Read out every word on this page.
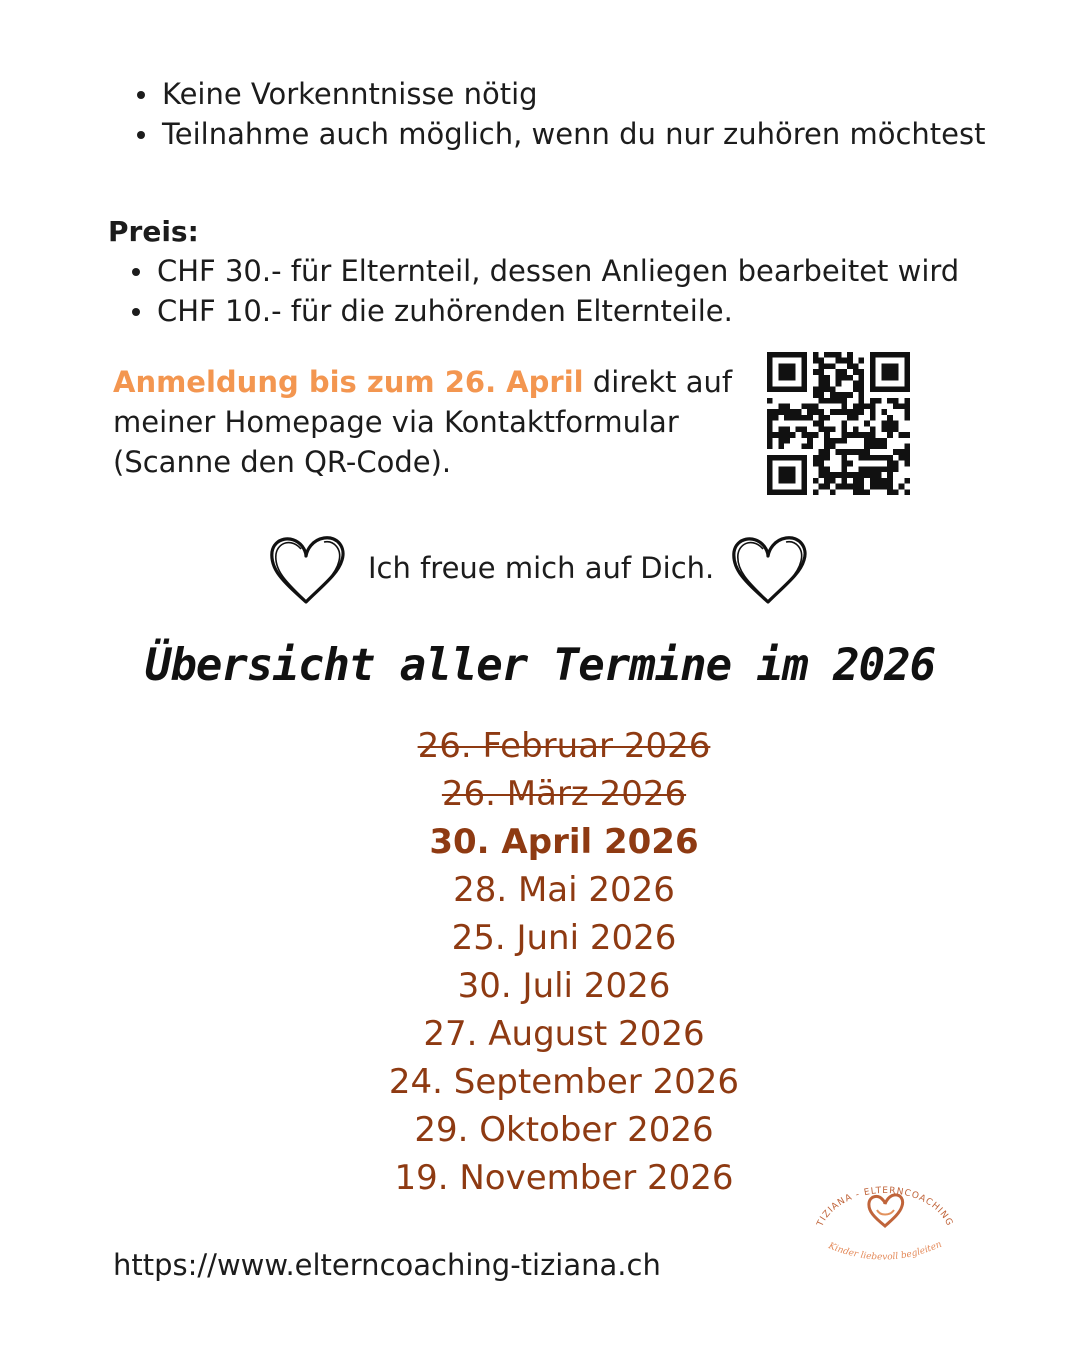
Keine Vorkenntnisse nötig

Teilnahme auch möglich, wenn du nur zuhören möchtest

Preis:

CHF 30.- für Elternteil, dessen Anliegen bearbeitet wird

CHF 10.- für die zuhörenden Elternteile.

Anmeldung bis zum 26. April direkt auf meiner Homepage via Kontaktformular (Scanne den QR-Code).
Ich freue mich auf Dich.
Übersicht aller Termine im 2026
26. Februar 2026
26. März 2026
30. April 2026
28. Mai 2026
25. Juni 2026
30. Juli 2026
27. August 2026
24. September 2026
29. Oktober 2026
19. November 2026
TIZIANA - ELTERNCOACHING
Kinder liebevoll begleiten
https://www.elterncoaching-tiziana.ch
